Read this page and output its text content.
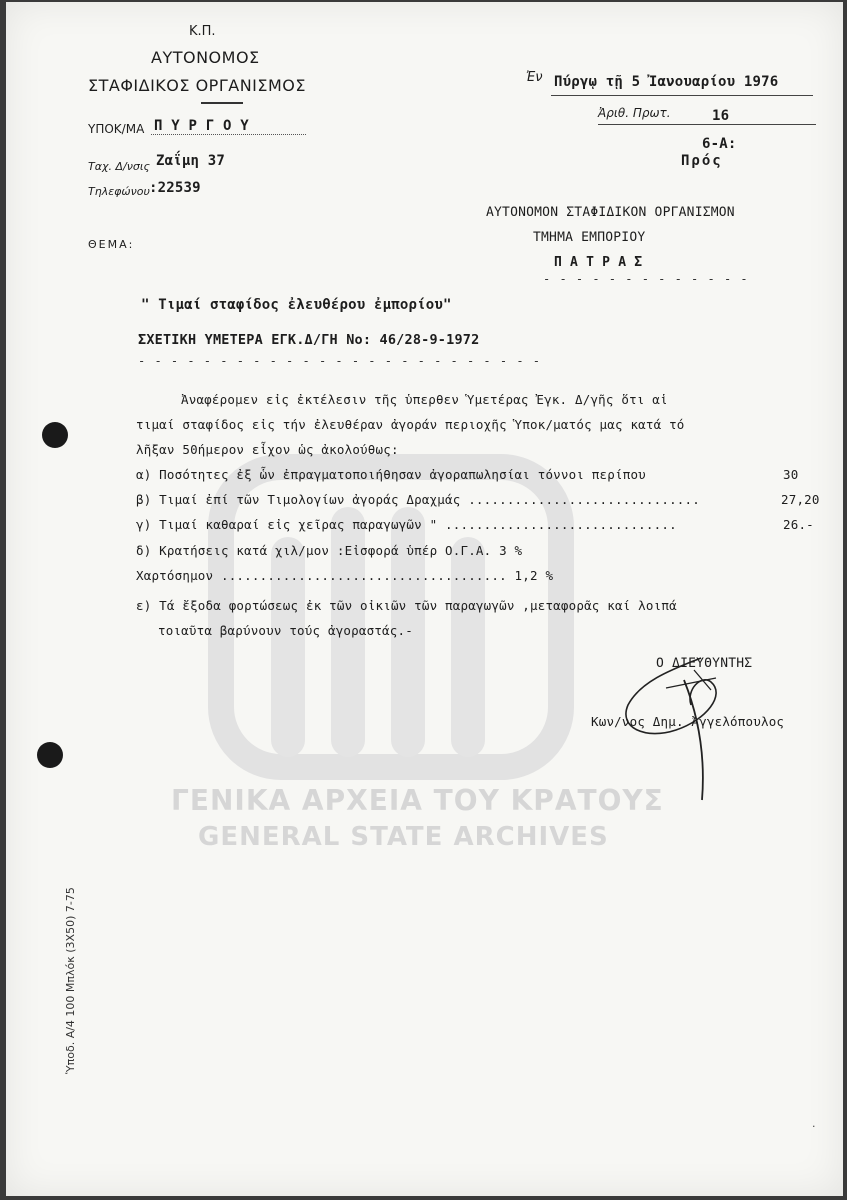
ΓΕΝΙΚΑ ΑΡΧΕΙΑ ΤΟΥ ΚΡΑΤΟΥΣ
GENERAL STATE ARCHIVES
Κ.Π.
ΑΥΤΟΝΟΜΟΣ
ΣΤΑΦΙΔΙΚΟΣ ΟΡΓΑΝΙΣΜΟΣ
ΥΠΟΚ/ΜΑ Π Υ Ρ Γ Ο Υ
Ταχ. Δ/νσις Ζαΐμη 37
Τηλεφώνου :22539
ΘΕΜΑ:
Ἐν Πύργῳ τῇ 5 Ἰανουαρίου 1976
Ἀριθ. Πρωτ.	16
6-Α:
Πρός
ΑΥΤΟΝΟΜΟΝ ΣΤΑΦΙΔΙΚΟΝ ΟΡΓΑΝΙΣΜΟΝ
ΤΜΗΜΑ ΕΜΠΟΡΙΟΥ
Π Α Τ Ρ Α Σ
- - - - - - - - - - - - -
" Τιμαί σταφίδος ἐλευθέρου ἐμπορίου"
ΣΧΕΤΙΚΗ ΥΜΕΤΕΡΑ ΕΓΚ.Δ/ΓΗ Νο: 46/28-9-1972
- - - - - - - - - - - - - - - - - - - - - - - - -
Ἀναφέρομεν εἰς ἐκτέλεσιν τῆς ὑπερθεν Ὑμετέρας Ἐγκ. Δ/γῆς ὅτι αἱ
τιμαί σταφίδος εἰς τήν ἐλευθέραν ἀγοράν περιοχῆς Ὑποκ/ματός μας κατά τό
λῆξαν 50ήμερον εἶχον ὡς ἀκολούθως:
α) Ποσότητες ἐξ ὧν ἐπραγματοποιήθησαν ἀγοραπωλησίαι τόννοι περίπου	30
β) Τιμαί ἐπί τῶν Τιμολογίων ἀγοράς Δραχμάς ..............................	27,20
γ) Τιμαί καθαραί εἰς χεῖρας παραγωγῶν " ..............................	26.-
δ) Κρατήσεις κατά χιλ/μον :Εἰσφορά ὑπέρ Ο.Γ.Α. 3 %
Χαρτόσημον ..................................... 1,2 %
ε) Τά ἔξοδα φορτώσεως ἐκ τῶν οἰκιῶν τῶν παραγωγῶν ,μεταφορᾶς καί λοιπά
τοιαῦτα βαρύνουν τούς ἀγοραστάς.-
Ο ΔΙΕΥΘΥΝΤΗΣ
Κων/νος Δημ. Ἀγγελόπουλος
Ὑποδ. Α/4 100 Μπλόκ (3Χ50) 7-75
·
